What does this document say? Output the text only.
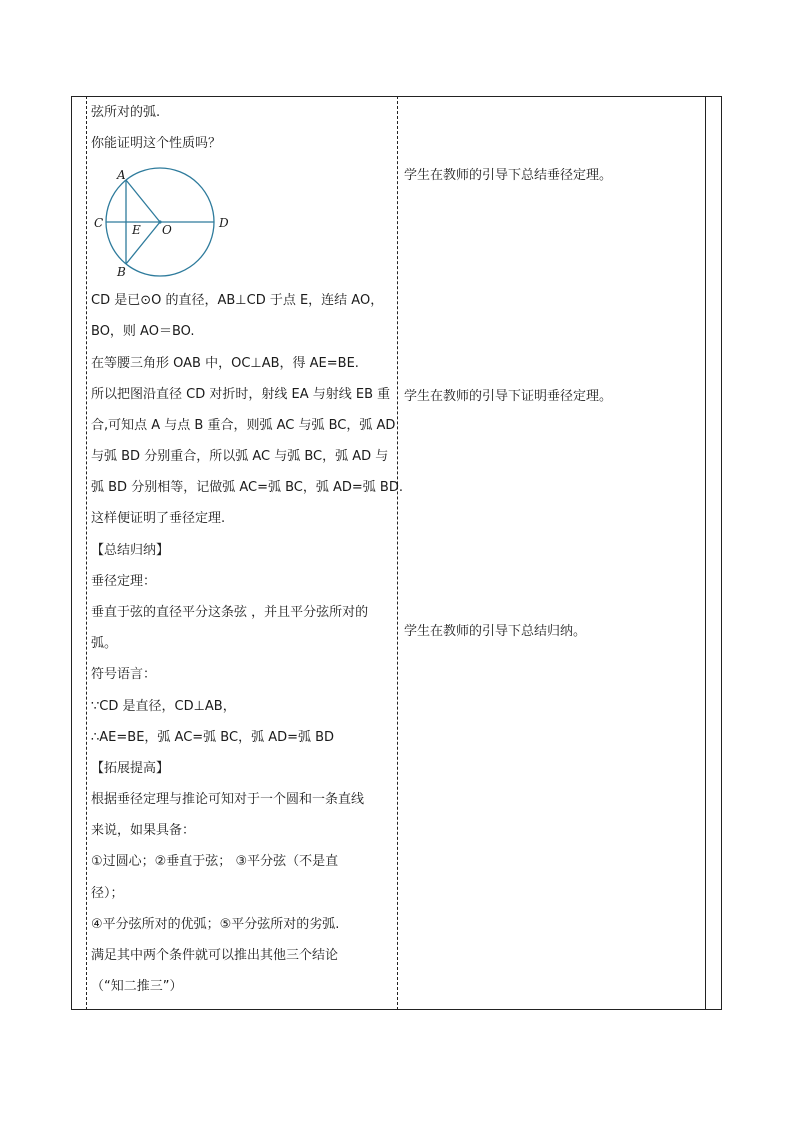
弦所对的弧.
你能证明这个性质吗？
CD 是已⊙O 的直径，AB⊥CD 于点 E，连结 AO，
BO，则 AO＝BO.
在等腰三角形 OAB 中，OC⊥AB，得 AE=BE.
所以把图沿直径 CD 对折时，射线 EA 与射线 EB 重
合,可知点 A 与点 B 重合，则弧 AC 与弧 BC，弧 AD
与弧 BD 分别重合，所以弧 AC 与弧 BC，弧 AD 与
弧 BD 分别相等，记做弧 AC=弧 BC，弧 AD=弧 BD.
这样便证明了垂径定理.
【总结归纳】
垂径定理：
垂直于弦的直径平分这条弦 ，并且平分弦所对的
弧。
符号语言：
∵CD 是直径，CD⊥AB，
∴AE=BE，弧 AC=弧 BC，弧 AD=弧 BD
【拓展提高】
根据垂径定理与推论可知对于一个圆和一条直线
来说，如果具备：
①过圆心；②垂直于弦； ③平分弦（不是直
径）；
④平分弦所对的优弧；⑤平分弦所对的劣弧.
满足其中两个条件就可以推出其他三个结论
（“知二推三”）
A
B
C	D
E O
学生在教师的引导下总结垂径定理。
学生在教师的引导下证明垂径定理。
学生在教师的引导下总结归纳。
